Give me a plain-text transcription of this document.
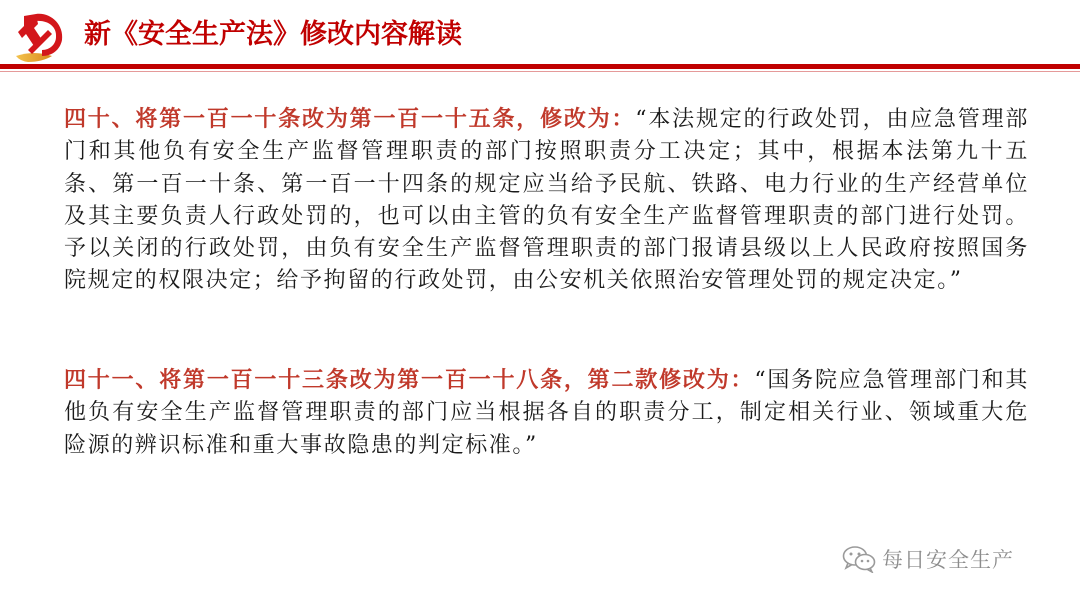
新《安全生产法》修改内容解读

四十、将第一百一十条改为第一百一十五条，修改为：“本法规定的行政处罚，由应急管理部门和其他负有安全生产监督管理职责的部门按照职责分工决定；其中，根据本法第九十五条、第一百一十条、第一百一十四条的规定应当给予民航、铁路、电力行业的生产经营单位及其主要负责人行政处罚的，也可以由主管的负有安全生产监督管理职责的部门进行处罚。予以关闭的行政处罚，由负有安全生产监督管理职责的部门报请县级以上人民政府按照国务院规定的权限决定；给予拘留的行政处罚，由公安机关依照治安管理处罚的规定决定。”

四十一、将第一百一十三条改为第一百一十八条，第二款修改为：“国务院应急管理部门和其他负有安全生产监督管理职责的部门应当根据各自的职责分工，制定相关行业、领域重大危险源的辨识标准和重大事故隐患的判定标准。”

每日安全生产
